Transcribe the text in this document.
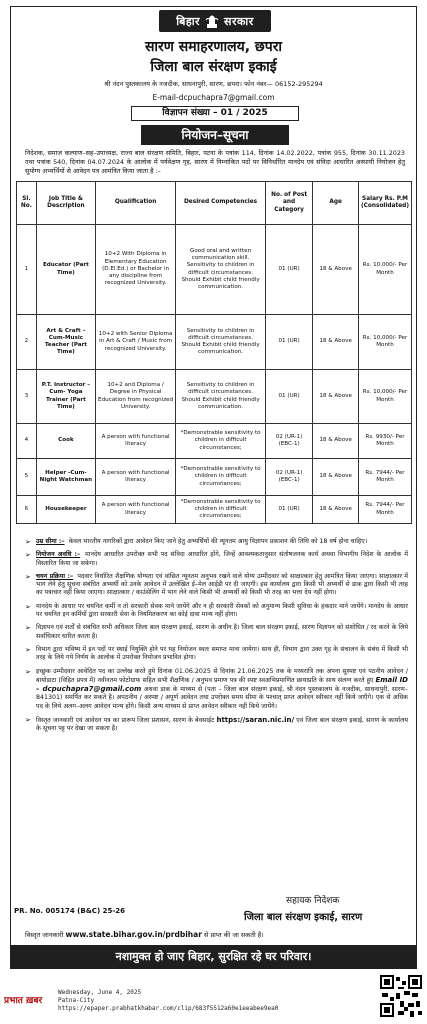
बिहार सरकार
सारण समाहरणालय, छपरा
जिला बाल संरक्षण इकाई
श्री नंदन पुस्तकालय के नजदीक, साधनापुरी, सारण, छपरा। फोन नंबर— 06152-295294
E-mail-dcpuchapra7@gmail.com
विज्ञापन संख्या – 01 / 2025
नियोजन–सूचना
निदेशक, समाज कल्याण–सह–उपाध्यक्ष, राज्य बाल संरक्षण समिति, बिहार, पटना के पत्रांक 114, दिनांक 14.02.2022, पत्रांक 955, दिनांक 30.11.2023 तथा पत्रांक 540, दिनांक 04.07.2024 के आलोक में पर्यवेक्षण गृह, सारण में निम्नांकित पदों पर विनिर्धारित मानदेय एवं संविदा आधारित अस्थायी नियोजन हेतु सुयोग्य अभ्यर्थियों से आवेदन पत्र आमंत्रित किया जाता है :–
Sl. No.	Job Title & Description	Qualification	Desired Competencies	No. of Post and Category	Age	Salary Rs. P.M (Consolidated)
1	Educator (Part Time)	10+2 With Diploma in Elementary Education (D.El.Ed.) or Bachelor in any discipline from recognized University.	Good oral and written communication skill. Sensitivity to children in difficult circumstances. Should Exhibit child friendly communication.	01 (UR)	18 & Above	Rs. 10,000/- Per Month
2	Art & Craft – Cum-Music Teacher (Part Time)	10+2 with Senior Diploma in Art & Craft / Music from recognized University.	Sensitivity to children in difficult circumstances. Should Exhibit child friendly communication.	01 (UR)	18 & Above	Rs. 10,000/- Per Month
3	P.T. Instructor – Cum- Yoga Trainer (Part Time)	10+2 and Diploma / Degree in Physical Education from recognized University.	Sensitivity to children in difficult circumstances. Should Exhibit child friendly communication.	01 (UR)	18 & Above	Rs. 10,000/- Per Month
4	Cook	A person with functional literacy	*Demonstrable sensitivity to children in difficult circumstances;	02 (UR-1) (EBC-1)	18 & Above	Rs. 9930/- Per Month
5	Helper -Cum-Night Watchman	A person with functional literacy	*Demonstrable sensitivity to children in difficult circumstances;	02 (UR-1) (EBC-1)	18 & Above	Rs. 7944/- Per Month
6	Housekeeper	A person with functional literacy	*Demonstrable sensitivity to children in difficult circumstances;	01 (UR)	18 & Above	Rs. 7944/- Per Month
➢ उम्र सीमा :– केवल भारतीय नागरिकों द्वारा आवेदन किए जाने हेतु अभ्यर्थियों की न्यूनतम आयु विज्ञापन प्रकाशन की तिथि को 18 वर्ष होना चाहिए।
➢ नियोजन अवधि :– मानदेय आधारित उपरोक्त सभी पद संविदा आधारित होंगे, जिन्हें आवश्यकतानुसार संतोषजनक कार्य अथवा विभागीय निदेश के आलोक में विस्तारित किया जा सकेगा।
➢ चयन प्रक्रिया :– पदवार निर्धारित शैक्षणिक योग्यता एवं वांछित न्यूनतम अनुभव रखने वाले योग्य उम्मीदवार को साक्षात्कार हेतु आमंत्रित किया जाएगा। साक्षात्कार में भाग लेने हेतु सूचना संबंधित अभ्यर्थी को उनके आवेदन में उल्लेखित ई–मेल आईडी पर दी जाएगी। इस कार्यालय द्वारा किसी भी अभ्यर्थी से डाक द्वारा किसी भी तरह का पत्राचार नहीं किया जाएगा। साक्षात्कार / काउंसेलिंग में भाग लेने वाले किसी भी अभ्यर्थी को किसी भी तरह का भत्ता देय नहीं होगा।
➢ मानदेय के आधार पर चयनित कर्मी न तो सरकारी सेवक माने जायेंगे और न ही सरकारी सेवकों को अनुमान्य किसी सुविधा के हकदार माने जायेंगे। मानदेय के आधार पर चयनित इन कर्मियों द्वारा सरकारी सेवा के नियमितकरण का कोई दावा मान्य नहीं होगा।
➢ विज्ञापन एवं शर्तों से संबंधित सभी अधिकार जिला बाल संरक्षण इकाई, सारण के अधीन है। जिला बाल संरक्षण इकाई, सारण विज्ञापन को संशोधित / रद करने के लिये सर्वाधिकार धारित करता है।
➢ विभाग द्वारा भविष्य में इन पदों पर स्थाई नियुक्ति होने पर यह नियोजन स्वतः समाप्त माना जायेगा। साथ ही, विभाग द्वारा उक्त गृह के संचालन के संबंध में किसी भी तरह के लिये गये निर्णय के आलोक में उपरोक्त नियोजन प्रभावित होगा।
➢ इच्छुक उम्मीदवार आवेदित पद का उल्लेख करते हुये दिनांक 01.06.2025 से दिनांक 21.06.2025 तक के मध्यरात्रि तक अपना सुस्पष्ट एवं पठनीय आवेदन / बायोडाटा (विहित प्रपत्र में) नवीनतम फोटोग्राफ सहित सभी शैक्षणिक / अनुभव प्रमाण पत्र की स्पष्ट स्वअभिप्रमाणित छायाप्रति के साथ संलग्न करते हुए Email ID – dcpuchapra7@gmail.com अथवा डाक के माध्यम से (पता – जिला बाल संरक्षण इकाई, श्री नंदन पुस्तकालय के नजदीक, साधनापुरी, सारण–841301) समर्पित कर सकते है। अपठनीय / अस्पष्ट / अपूर्ण आवेदन तथा उपरोक्त समय सीमा के पश्चात् प्राप्त आवेदन स्वीकार नहीं किये जाएँगे। एक से अधिक पद के लिये अलग–अलग आवेदन मान्य होंगे। किसी अन्य माध्यम से प्राप्त आवेदन स्वीकार नहीं किये जायेंगे।
➢ विस्तृत जानकारी एवं आवेदन पत्र का प्रारूप जिला प्रशासन, सारण के बेवसाईट https://saran.nic.in/ एवं जिला बाल संरक्षण इकाई, सारण के कार्यालय के सूचना पट्ट पर देखा जा सकता है।
विस्तृत जानकारी www.state.bihar.gov.in/prdbihar से प्राप्त की जा सकती है।
नशामुक्त हो जाए बिहार, सुरक्षित रहे घर परिवार।
PR. No. 005174 (B&C) 25-26
सहायक निदेशक
जिला बाल संरक्षण इकाई, सारण
प्रभात ख़बर
Wednesday, June 4, 2025
Patna-City
https://epaper.prabhatkhabar.com/clip/683f5512a60e1eeabee9ea0
